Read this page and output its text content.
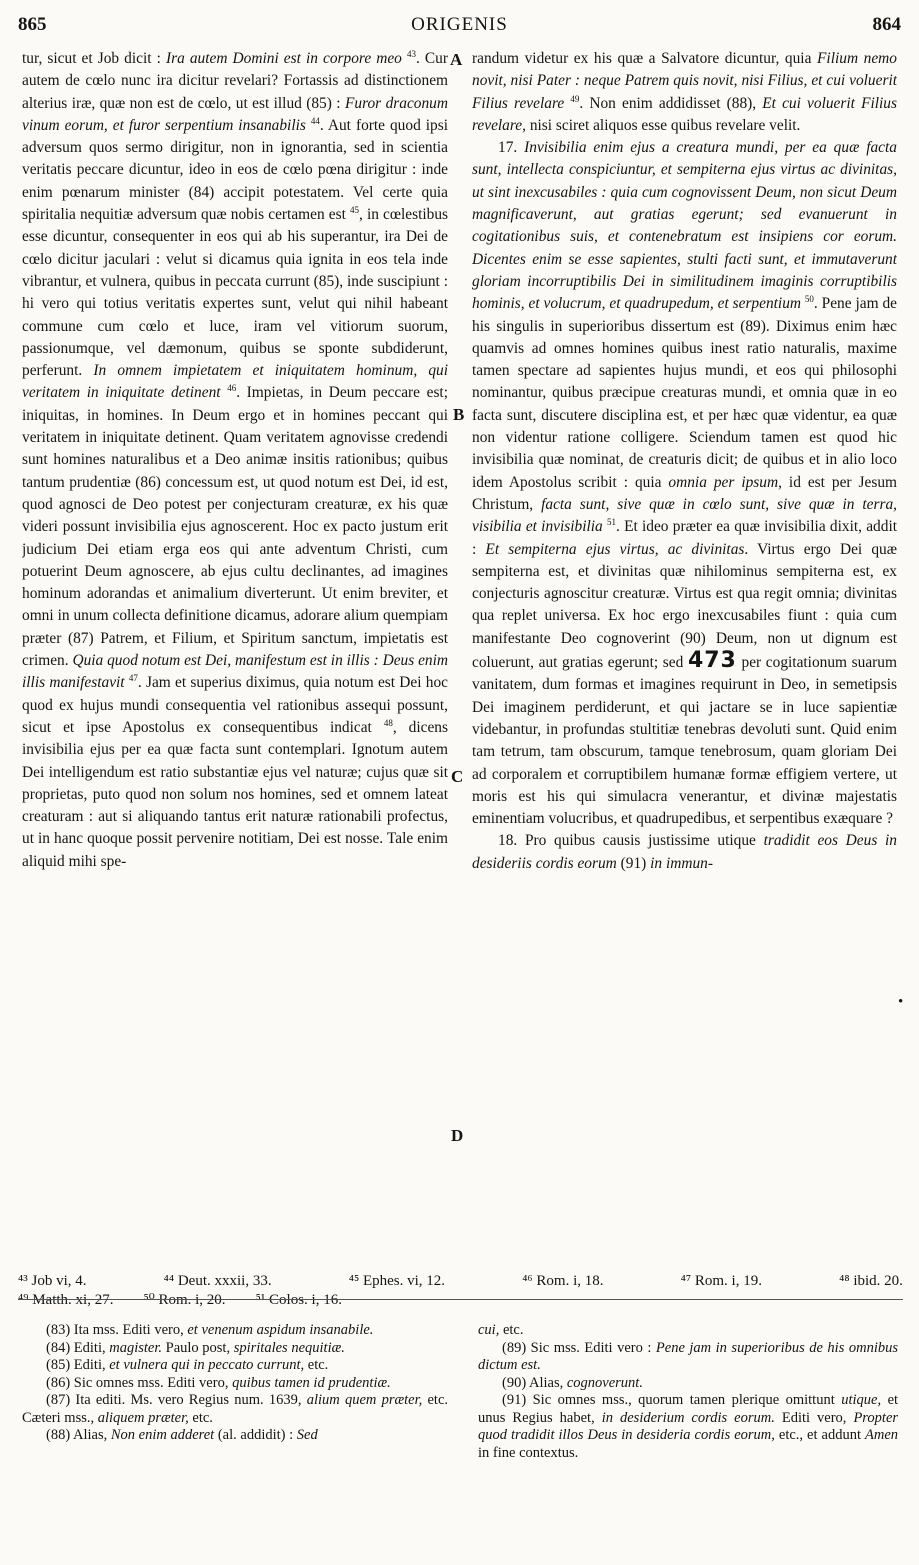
865	ORIGENIS	864
A
B
C
D
•

tur, sicut et Job dicit : Ira autem Domini est in corpore meo $^{43}$. Cur autem de cœlo nunc ira dicitur revelari? Fortassis ad distinctionem alterius iræ, quæ non est de cœlo, ut est illud (85) : Furor draconum vinum eorum, et furor serpentium insanabilis $^{44}$. Aut forte quod ipsi adversum quos sermo dirigitur, non in ignorantia, sed in scientia veritatis peccare dicuntur, ideo in eos de cœlo pœna dirigitur : inde enim pœnarum minister (84) accipit potestatem. Vel certe quia spiritalia nequitiæ adversum quæ nobis certamen est $^{45}$, in cœlestibus esse dicuntur, consequenter in eos qui ab his superantur, ira Dei de cœlo dicitur jaculari : velut si dicamus quia ignita in eos tela inde vibrantur, et vulnera, quibus in peccata currunt (85), inde suscipiunt : hi vero qui totius veritatis expertes sunt, velut qui nihil habeant commune cum cœlo et luce, iram vel vitiorum suorum, passionumque, vel dæmonum, quibus se sponte subdiderunt, perferunt. In omnem impietatem et iniquitatem hominum, qui veritatem in iniquitate detinent $^{46}$. Impietas, in Deum peccare est; iniquitas, in homines. In Deum ergo et in homines peccant qui veritatem in iniquitate detinent. Quam veritatem agnovisse credendi sunt homines naturalibus et a Deo animæ insitis rationibus; quibus tantum prudentiæ (86) concessum est, ut quod notum est Dei, id est, quod agnosci de Deo potest per conjecturam creaturæ, ex his quæ videri possunt invisibilia ejus agnoscerent. Hoc ex pacto justum erit judicium Dei etiam erga eos qui ante adventum Christi, cum potuerint Deum agnoscere, ab ejus cultu declinantes, ad imagines hominum adorandas et animalium diverterunt. Ut enim breviter, et omni in unum collecta definitione dicamus, adorare alium quempiam præter (87) Patrem, et Filium, et Spiritum sanctum, impietatis est crimen. Quia quod notum est Dei, manifestum est in illis : Deus enim illis manifestavit $^{47}$. Jam et superius diximus, quia notum est Dei hoc quod ex hujus mundi consequentia vel rationibus assequi possunt, sicut et ipse Apostolus ex consequentibus indicat $^{48}$, dicens invisibilia ejus per ea quæ facta sunt contemplari. Ignotum autem Dei intelligendum est ratio substantiæ ejus vel naturæ; cujus quæ sit proprietas, puto quod non solum nos homines, sed et omnem lateat creaturam : aut si aliquando tantus erit naturæ rationabili profectus, ut in hanc quoque possit pervenire notitiam, Dei est nosse. Tale enim aliquid mihi spe-

randum videtur ex his quæ a Salvatore dicuntur, quia Filium nemo novit, nisi Pater : neque Patrem quis novit, nisi Filius, et cui voluerit Filius revelare $^{49}$. Non enim addidisset (88), Et cui voluerit Filius revelare, nisi sciret aliquos esse quibus revelare velit.

17. Invisibilia enim ejus a creatura mundi, per ea quæ facta sunt, intellecta conspiciuntur, et sempiterna ejus virtus ac divinitas, ut sint inexcusabiles : quia cum cognovissent Deum, non sicut Deum magnificaverunt, aut gratias egerunt; sed evanuerunt in cogitationibus suis, et contenebratum est insipiens cor eorum. Dicentes enim se esse sapientes, stulti facti sunt, et immutaverunt gloriam incorruptibilis Dei in similitudinem imaginis corruptibilis hominis, et volucrum, et quadrupedum, et serpentium $^{50}$. Pene jam de his singulis in superioribus dissertum est (89). Diximus enim hæc quamvis ad omnes homines quibus inest ratio naturalis, maxime tamen spectare ad sapientes hujus mundi, et eos qui philosophi nominantur, quibus præcipue creaturas mundi, et omnia quæ in eo facta sunt, discutere disciplina est, et per hæc quæ videntur, ea quæ non videntur ratione colligere. Sciendum tamen est quod hic invisibilia quæ nominat, de creaturis dicit; de quibus et in alio loco idem Apostolus scribit : quia omnia per ipsum, id est per Jesum Christum, facta sunt, sive quæ in cœlo sunt, sive quæ in terra, visibilia et invisibilia $^{51}$. Et ideo præter ea quæ invisibilia dixit, addit : Et sempiterna ejus virtus, ac divinitas. Virtus ergo Dei quæ sempiterna est, et divinitas quæ nihilominus sempiterna est, ex conjecturis agnoscitur creaturæ. Virtus est qua regit omnia; divinitas qua replet universa. Ex hoc ergo inexcusabiles fiunt : quia cum manifestante Deo cognoverint (90) Deum, non ut dignum est coluerunt, aut gratias egerunt; sed 473 per cogitationum suarum vanitatem, dum formas et imagines requirunt in Deo, in semetipsis Dei imaginem perdiderunt, et qui jactare se in luce sapientiæ videbantur, in profundas stultitiæ tenebras devoluti sunt. Quid enim tam tetrum, tam obscurum, tamque tenebrosum, quam gloriam Dei ad corporalem et corruptibilem humanæ formæ effigiem vertere, ut moris est his qui simulacra venerantur, et divinæ majestatis eminentiam volucribus, et quadrupedibus, et serpentibus exæquare ?

18. Pro quibus causis justissime utique tradidit eos Deus in desideriis cordis eorum (91) in immun-

⁴³ Job vi, 4.	⁴⁴ Deut. xxxii, 33.	⁴⁵ Ephes. vi, 12.	⁴⁶ Rom. i, 18.	⁴⁷ Rom. i, 19.	⁴⁸ ibid. 20.
⁴⁹ Matth. xi, 27. ⁵⁰ Rom. i, 20. ⁵¹ Colos. i, 16.

(83) Ita mss. Editi vero, et venenum aspidum insanabile.

(84) Editi, magister. Paulo post, spiritales nequitiæ.

(85) Editi, et vulnera qui in peccato currunt, etc.

(86) Sic omnes mss. Editi vero, quibus tamen id prudentiæ.

(87) Ita editi. Ms. vero Regius num. 1639, alium quem præter, etc. Cæteri mss., aliquem præter, etc.

(88) Alias, Non enim adderet (al. addidit) : Sed

cui, etc.

(89) Sic mss. Editi vero : Pene jam in superioribus de his omnibus dictum est.

(90) Alias, cognoverunt.

(91) Sic omnes mss., quorum tamen plerique omittunt utique, et unus Regius habet, in desiderium cordis eorum. Editi vero, Propter quod tradidit illos Deus in desideria cordis eorum, etc., et addunt Amen in fine contextus.
